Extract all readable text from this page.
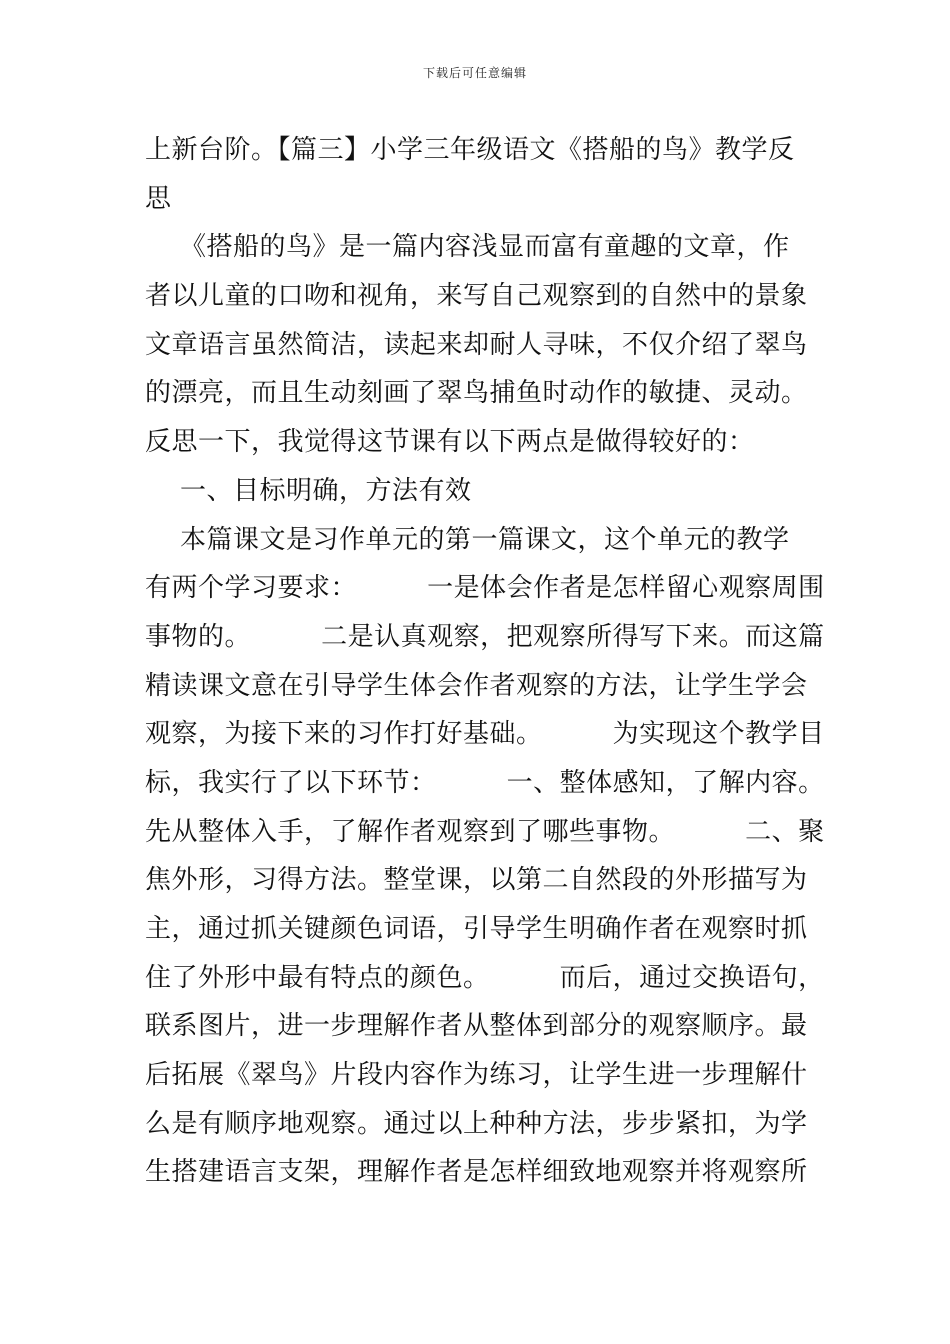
下载后可任意编辑
上新台阶。【篇三】小学三年级语文《搭船的鸟》教学反
思
《搭船的鸟》是一篇内容浅显而富有童趣的文章，作
者以儿童的口吻和视角，来写自己观察到的自然中的景象
文章语言虽然简洁，读起来却耐人寻味，不仅介绍了翠鸟
的漂亮，而且生动刻画了翠鸟捕鱼时动作的敏捷、灵动。
反思一下，我觉得这节课有以下两点是做得较好的：
一、目标明确，方法有效
本篇课文是习作单元的第一篇课文，这个单元的教学
有两个学习要求：        一是体会作者是怎样留心观察周围
事物的。        二是认真观察，把观察所得写下来。而这篇
精读课文意在引导学生体会作者观察的方法，让学生学会
观察，为接下来的习作打好基础。        为实现这个教学目
标，我实行了以下环节：        一、整体感知，了解内容。
先从整体入手，了解作者观察到了哪些事物。        二、聚
焦外形，习得方法。整堂课，以第二自然段的外形描写为
主，通过抓关键颜色词语，引导学生明确作者在观察时抓
住了外形中最有特点的颜色。        而后，通过交换语句，
联系图片，进一步理解作者从整体到部分的观察顺序。最
后拓展《翠鸟》片段内容作为练习，让学生进一步理解什
么是有顺序地观察。通过以上种种方法，步步紧扣，为学
生搭建语言支架，理解作者是怎样细致地观察并将观察所
